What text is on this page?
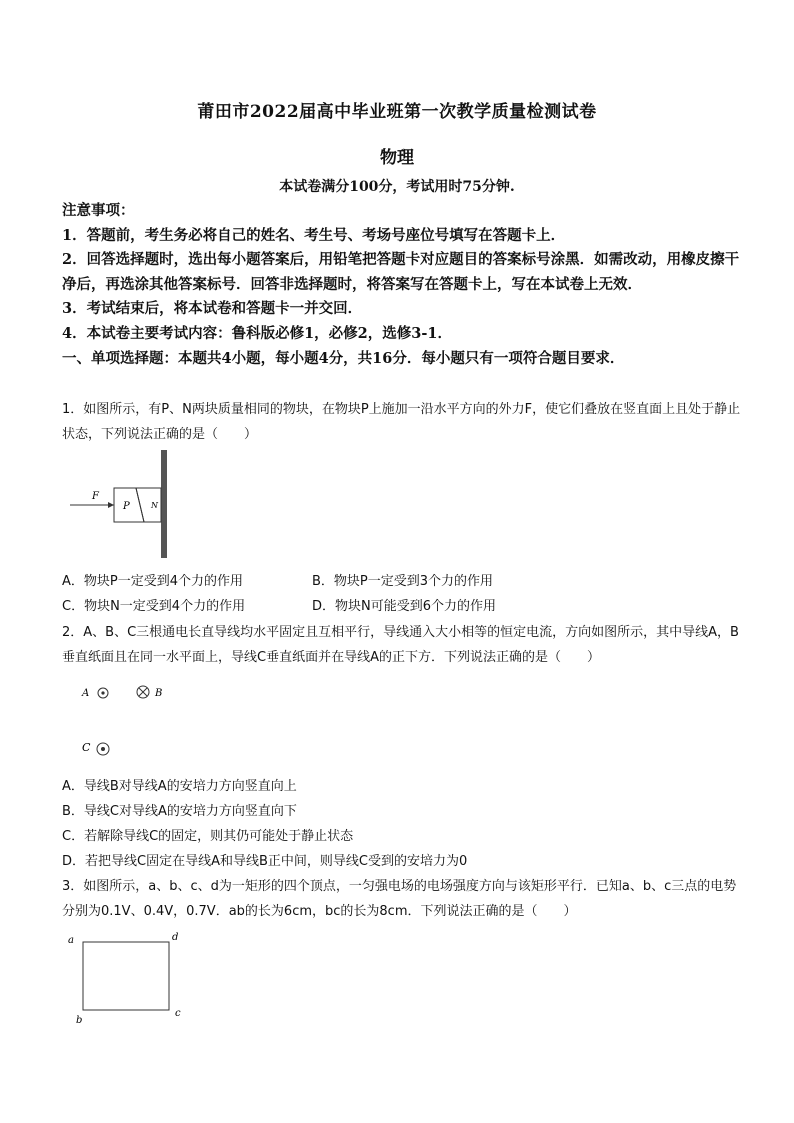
莆田市2022届高中毕业班第一次教学质量检测试卷
物理
本试卷满分100分，考试用时75分钟.

注意事项：

1．答题前，考生务必将自己的姓名、考生号、考场号座位号填写在答题卡上．

2．回答选择题时，选出每小题答案后，用铅笔把答题卡对应题目的答案标号涂黑．如需改动，用橡皮擦干净后，再选涂其他答案标号．回答非选择题时，将答案写在答题卡上，写在本试卷上无效．

3．考试结束后，将本试卷和答题卡一并交回．

4．本试卷主要考试内容：鲁科版必修1，必修2，选修3-1．

一、单项选择题：本题共4小题，每小题4分，共16分．每小题只有一项符合题目要求．

1．如图所示，有P、N两块质量相同的物块，在物块P上施加一沿水平方向的外力F，使它们叠放在竖直面上且处于静止状态，下列说法正确的是（　　）

F
P	N
A．物块P一定受到4个力的作用	B．物块P一定受到3个力的作用
C．物块N一定受到4个力的作用	D．物块N可能受到6个力的作用

2．A、B、C三根通电长直导线均水平固定且互相平行，导线通入大小相等的恒定电流，方向如图所示，其中导线A，B垂直纸面且在同一水平面上，导线C垂直纸面并在导线A的正下方．下列说法正确的是（　　）

A	B
C

A．导线B对导线A的安培力方向竖直向上

B．导线C对导线A的安培力方向竖直向下

C．若解除导线C的固定，则其仍可能处于静止状态

D．若把导线C固定在导线A和导线B正中间，则导线C受到的安培力为0

3．如图所示，a、b、c、d为一矩形的四个顶点，一匀强电场的电场强度方向与该矩形平行．已知a、b、c三点的电势分别为0.1V、0.4V，0.7V．ab的长为6cm，bc的长为8cm．下列说法正确的是（　　）

a	d
b
c
